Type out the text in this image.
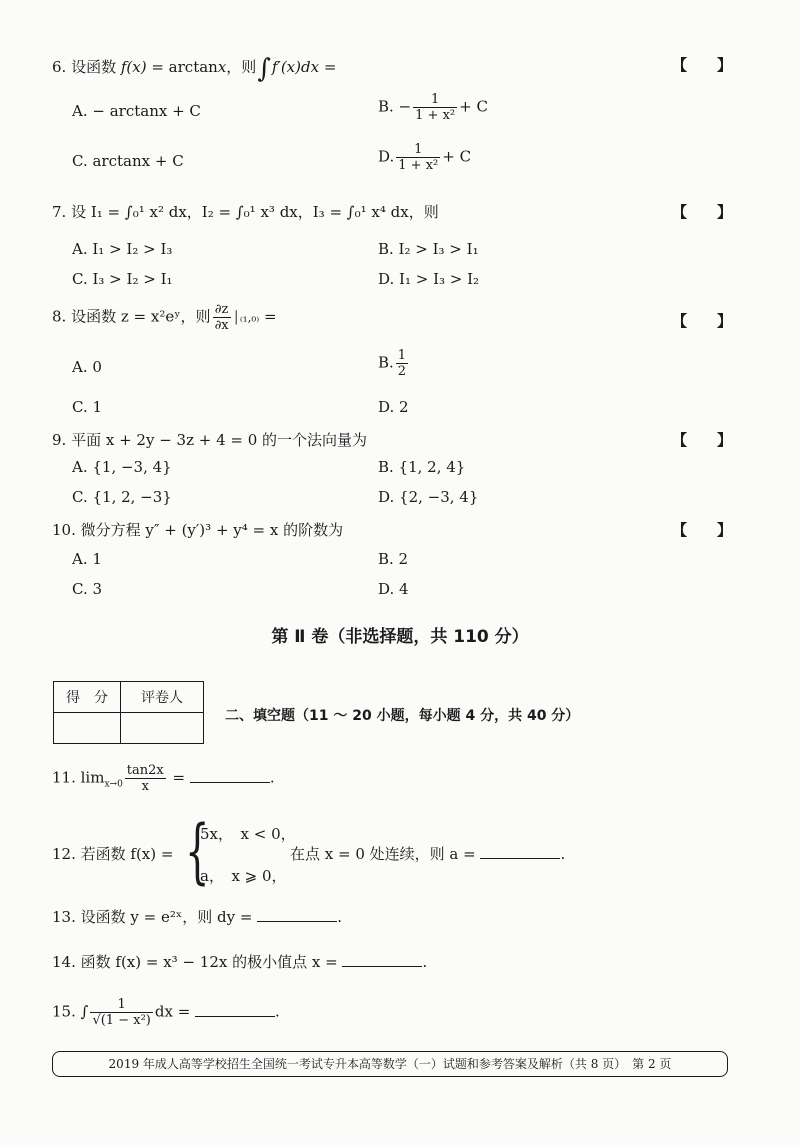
6. 设函数 f(x) = arctanx，则∫f′(x)dx =	【　　】
A. − arctanx + C	B. − $\frac{1}{\text{1 + x²}} + C$
C. arctanx + C	D. $\frac{1}{\text{1 + x²}} + C$
7. 设 I₁ = ∫₀¹ x² dx，I₂ = ∫₀¹ x³ dx，I₃ = ∫₀¹ x⁴ dx，则	【　　】
A. I₁ > I₂ > I₃	B. I₂ > I₃ > I₁
C. I₃ > I₂ > I₁	D. I₁ > I₃ > I₂
8. 设函数 z = x²eʸ，则 $\frac{\partial z}{\partial x}$ │₍₁,₀₎ =	【　　】
A. 0	B. $\frac{1}{2}$
C. 1	D. 2
9. 平面 x + 2y − 3z + 4 = 0 的一个法向量为	【　　】
A. {1, −3, 4}	B. {1, 2, 4}
C. {1, 2, −3}	D. {2, −3, 4}
10. 微分方程 y″ + (y′)³ + y⁴ = x 的阶数为	【　　】
A. 1	B. 2
C. 3	D. 4
第 Ⅱ 卷（非选择题，共 110 分）
得　分	评卷人

二、填空题（11 ～ 20 小题，每小题 4 分，共 40 分）
11. $\lim_{x\to 0} \frac{\tan 2x}{x}$ =	.
12. 若函数 f(x) = {
5x，　x < 0，
a，　x ⩾ 0，
在点 x = 0 处连续，则 a =	.
13. 设函数 y = e²ˣ，则 dy =	.
14. 函数 f(x) = x³ − 12x 的极小值点 x =	.
15. ∫ $\frac{1}{\text{√(1 − x²)}}$ dx =	.
2019 年成人高等学校招生全国统一考试专升本高等数学（一）试题和参考答案及解析（共 8 页）　第 2 页
